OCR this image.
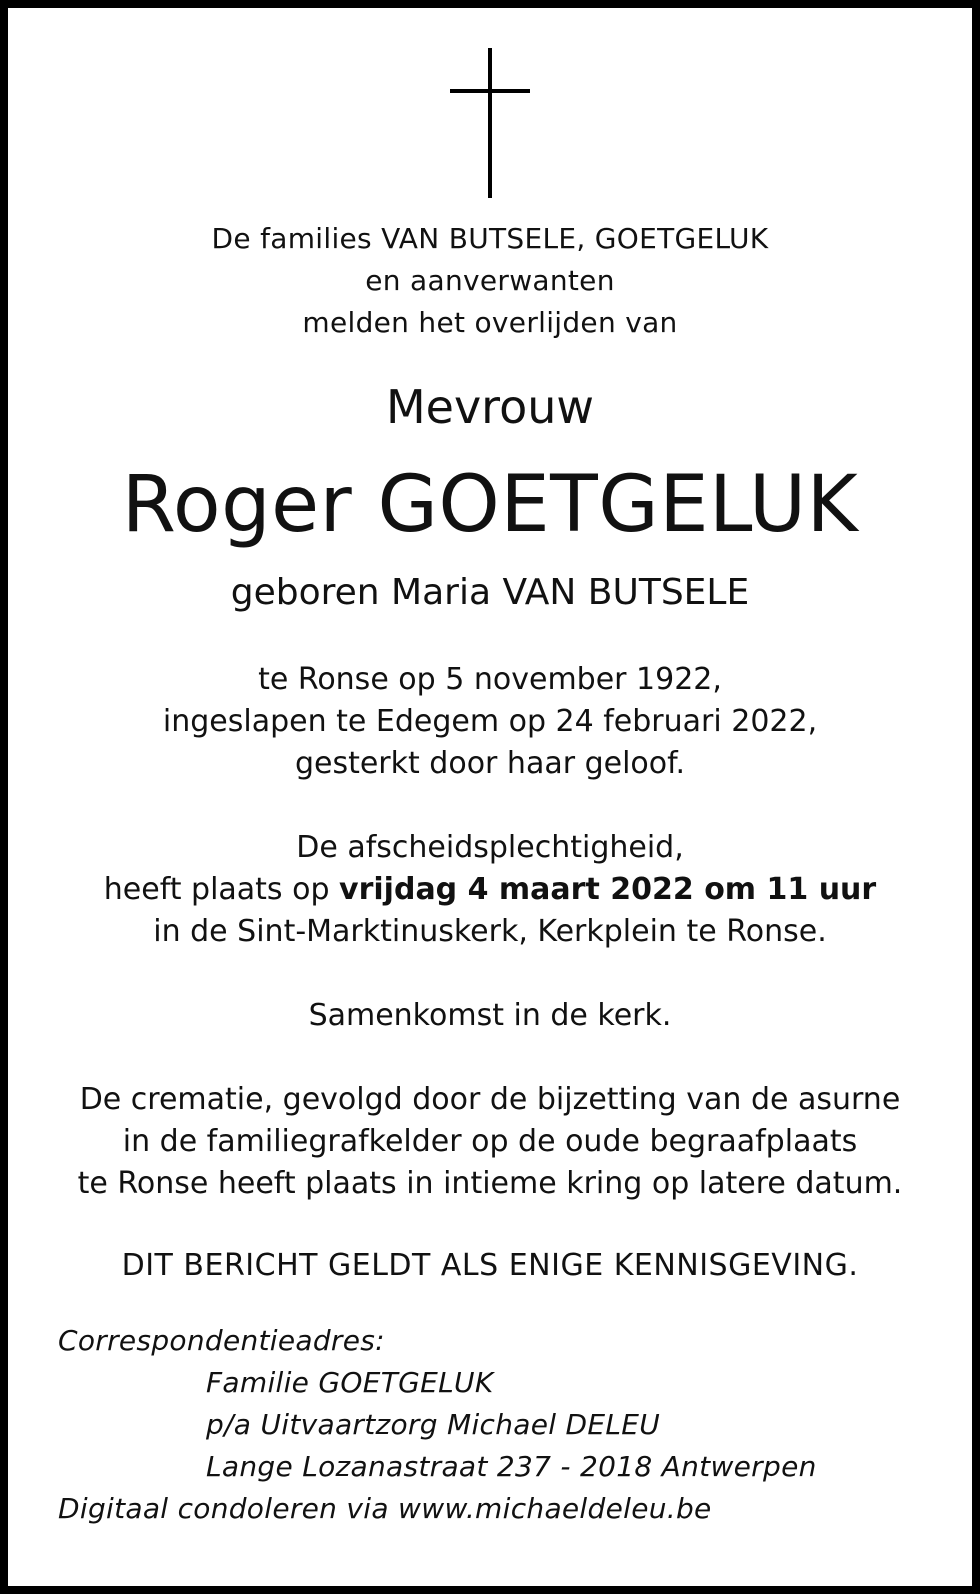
De families VAN BUTSELE, GOETGELUK
en aanverwanten
melden het overlijden van
Mevrouw
Roger GOETGELUK
geboren Maria VAN BUTSELE
te Ronse op 5 november 1922,
ingeslapen te Edegem op 24 februari 2022,
gesterkt door haar geloof.
De afscheidsplechtigheid,
heeft plaats op vrijdag 4 maart 2022 om 11 uur
in de Sint-Marktinuskerk, Kerkplein te Ronse.
Samenkomst in de kerk.
De crematie, gevolgd door de bijzetting van de asurne
in de familiegrafkelder op de oude begraafplaats
te Ronse heeft plaats in intieme kring op latere datum.
DIT BERICHT GELDT ALS ENIGE KENNISGEVING.
Correspondentieadres:
Familie GOETGELUK
p/a Uitvaartzorg Michael DELEU
Lange Lozanastraat 237 - 2018 Antwerpen
Digitaal condoleren via www.michaeldeleu.be
